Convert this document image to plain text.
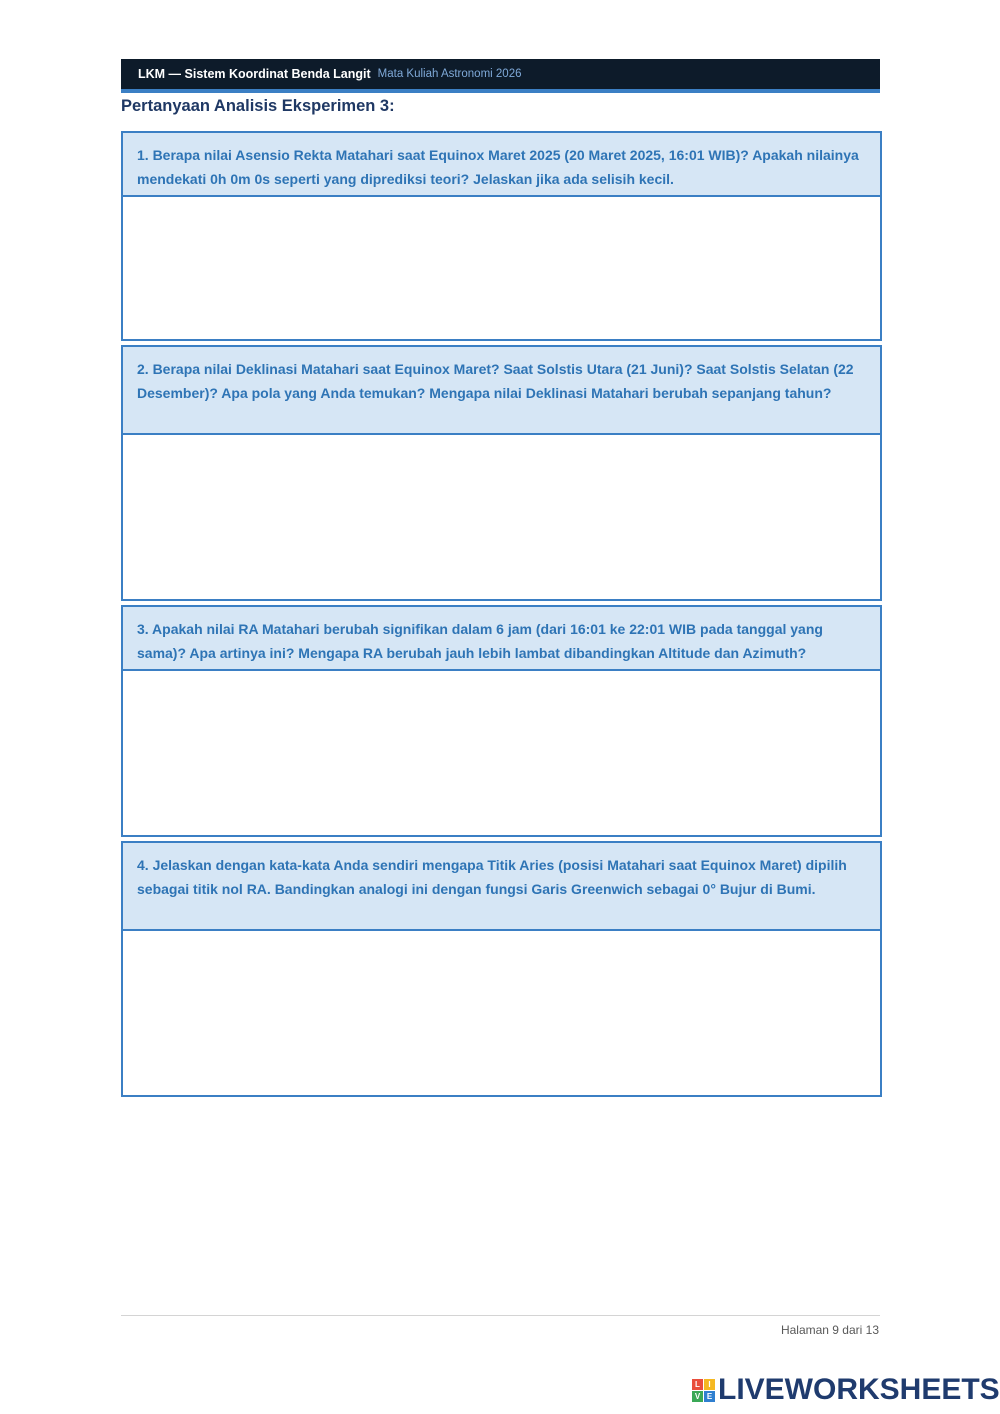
LKM — Sistem Koordinat Benda Langit Mata Kuliah Astronomi 2026
Pertanyaan Analisis Eksperimen 3:
1. Berapa nilai Asensio Rekta Matahari saat Equinox Maret 2025 (20 Maret 2025, 16:01 WIB)? Apakah nilainya mendekati 0h 0m 0s seperti yang diprediksi teori? Jelaskan jika ada selisih kecil.
2. Berapa nilai Deklinasi Matahari saat Equinox Maret? Saat Solstis Utara (21 Juni)? Saat Solstis Selatan (22 Desember)? Apa pola yang Anda temukan? Mengapa nilai Deklinasi Matahari berubah sepanjang tahun?
3. Apakah nilai RA Matahari berubah signifikan dalam 6 jam (dari 16:01 ke 22:01 WIB pada tanggal yang sama)? Apa artinya ini? Mengapa RA berubah jauh lebih lambat dibandingkan Altitude dan Azimuth?
4. Jelaskan dengan kata-kata Anda sendiri mengapa Titik Aries (posisi Matahari saat Equinox Maret) dipilih sebagai titik nol RA. Bandingkan analogi ini dengan fungsi Garis Greenwich sebagai 0° Bujur di Bumi.
Halaman 9 dari 13
L	I
V E LIVEWORKSHEETS
